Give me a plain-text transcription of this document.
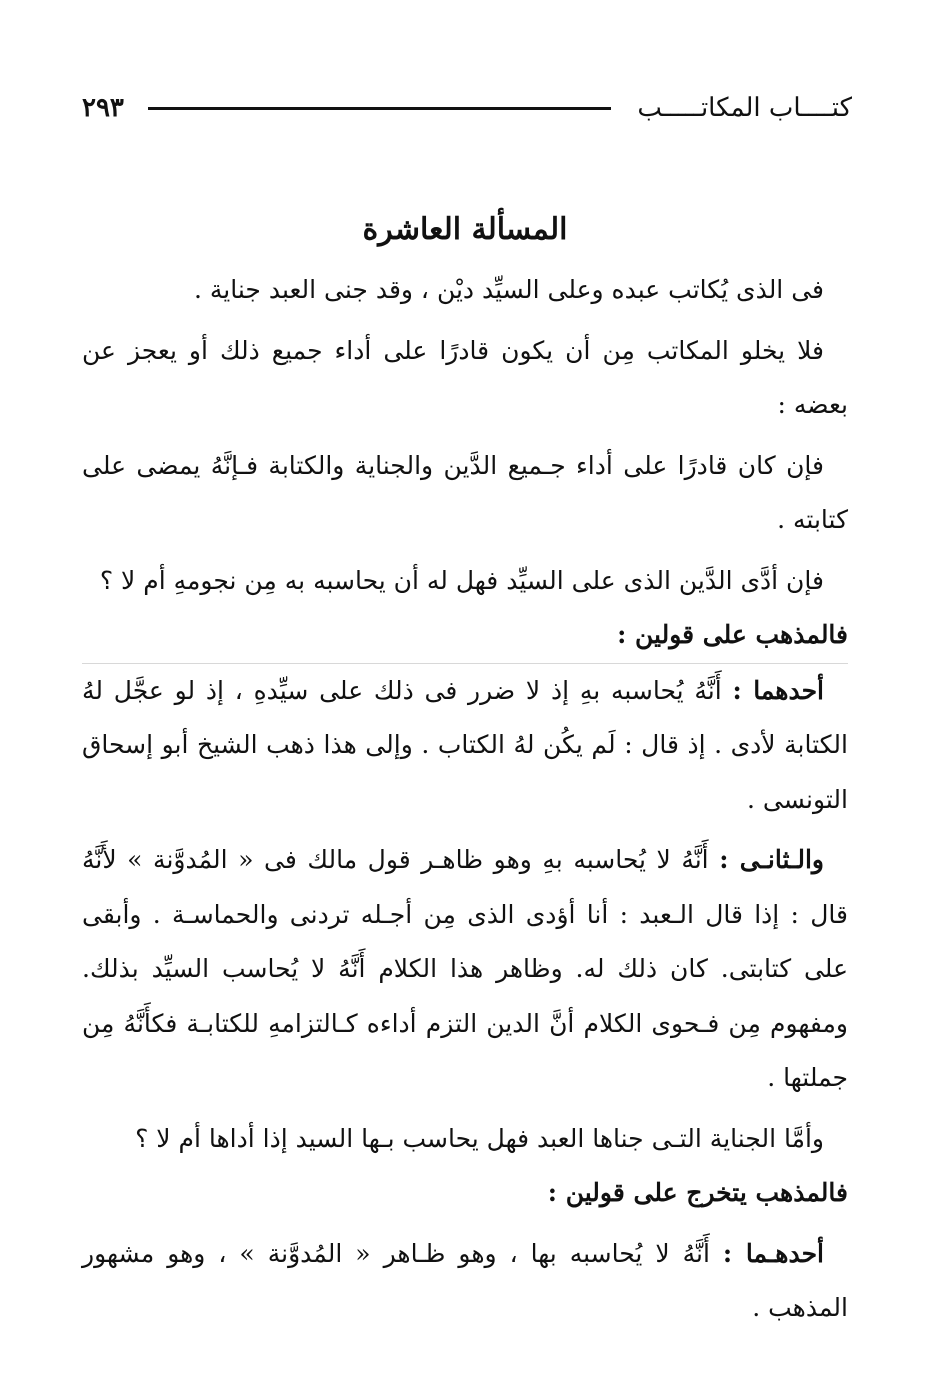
كتــــاب المكاتـــــب
٢٩٣
المسألة العاشرة

فى الذى يُكاتب عبده وعلى السيِّد ديْن ، وقد جنى العبد جناية .

فلا يخلو المكاتب مِن أن يكون قادرًا على أداء جميع ذلك أو يعجز عن بعضه :

فإن كان قادرًا على أداء جـميع الدَّين والجناية والكتابة فـإنَّهُ يمضى على كتابته .

فإن أدَّى الدَّين الذى على السيِّد فهل له أن يحاسبه به مِن نجومهِ أم لا ؟

فالمذهب على قولين :

أحدهما : أَنَّهُ يُحاسبه بهِ إذ لا ضرر فى ذلك على سيِّدهِ ، إذ لو عجَّل لهُ الكتابة لأدى . إذ قال : لَم يكُن لهُ الكتاب . وإلى هذا ذهب الشيخ أبو إسحاق التونسى .

والـثانـى : أَنَّهُ لا يُحاسبه بهِ وهو ظاهـر قول مالك فى « المُدوَّنة » لأَنَّهُ قال : إذا قال الـعبد : أنا أؤدى الذى مِن أجـله تردنى والحماسـة . وأبقى على كتابتى. كان ذلك له. وظاهر هذا الكلام أَنَّهُ لا يُحاسب السيِّد بذلك. ومفهوم مِن فـحوى الكلام أنَّ الدين التزم أداءه كـالتزامهِ للكتابـة فكأَنَّهُ مِن جملتها .

وأمَّا الجناية التـى جناها العبد فهل يحاسب بـها السيد إذا أداها أم لا ؟

فالمذهب يتخرج على قولين :

أحدهـما : أَنَّهُ لا يُحاسبه بها ، وهو ظـاهر « المُدوَّنة » ، وهو مشهور المذهب .
